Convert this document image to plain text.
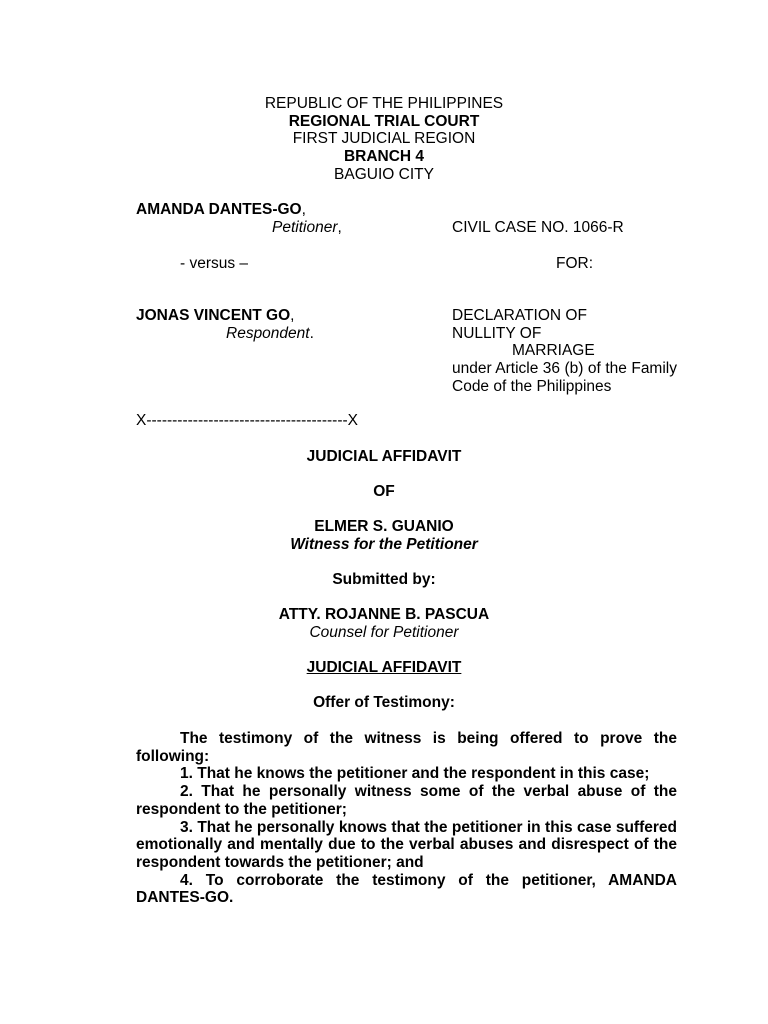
REPUBLIC OF THE PHILIPPINES
REGIONAL TRIAL COURT
FIRST JUDICIAL REGION
BRANCH 4
BAGUIO CITY
AMANDA DANTES-GO,
Petitioner,	CIVIL CASE NO. 1066-R
- versus –	FOR:
JONAS VINCENT GO,
Respondent.
DECLARATION OF
NULLITY OF
MARRIAGE
under Article 36 (b) of the Family Code of the Philippines
X---------------------------------------X
JUDICIAL AFFIDAVIT
OF
ELMER S. GUANIO
Witness for the Petitioner
Submitted by:
ATTY. ROJANNE B. PASCUA
Counsel for Petitioner
JUDICIAL AFFIDAVIT
Offer of Testimony:

The testimony of the witness is being offered to prove the following:

1. That he knows the petitioner and the respondent in this case;

2. That he personally witness some of the verbal abuse of the respondent to the petitioner;

3. That he personally knows that the petitioner in this case suffered emotionally and mentally due to the verbal abuses and disrespect of the respondent towards the petitioner; and

4. To corroborate the testimony of the petitioner, AMANDA DANTES-GO.
